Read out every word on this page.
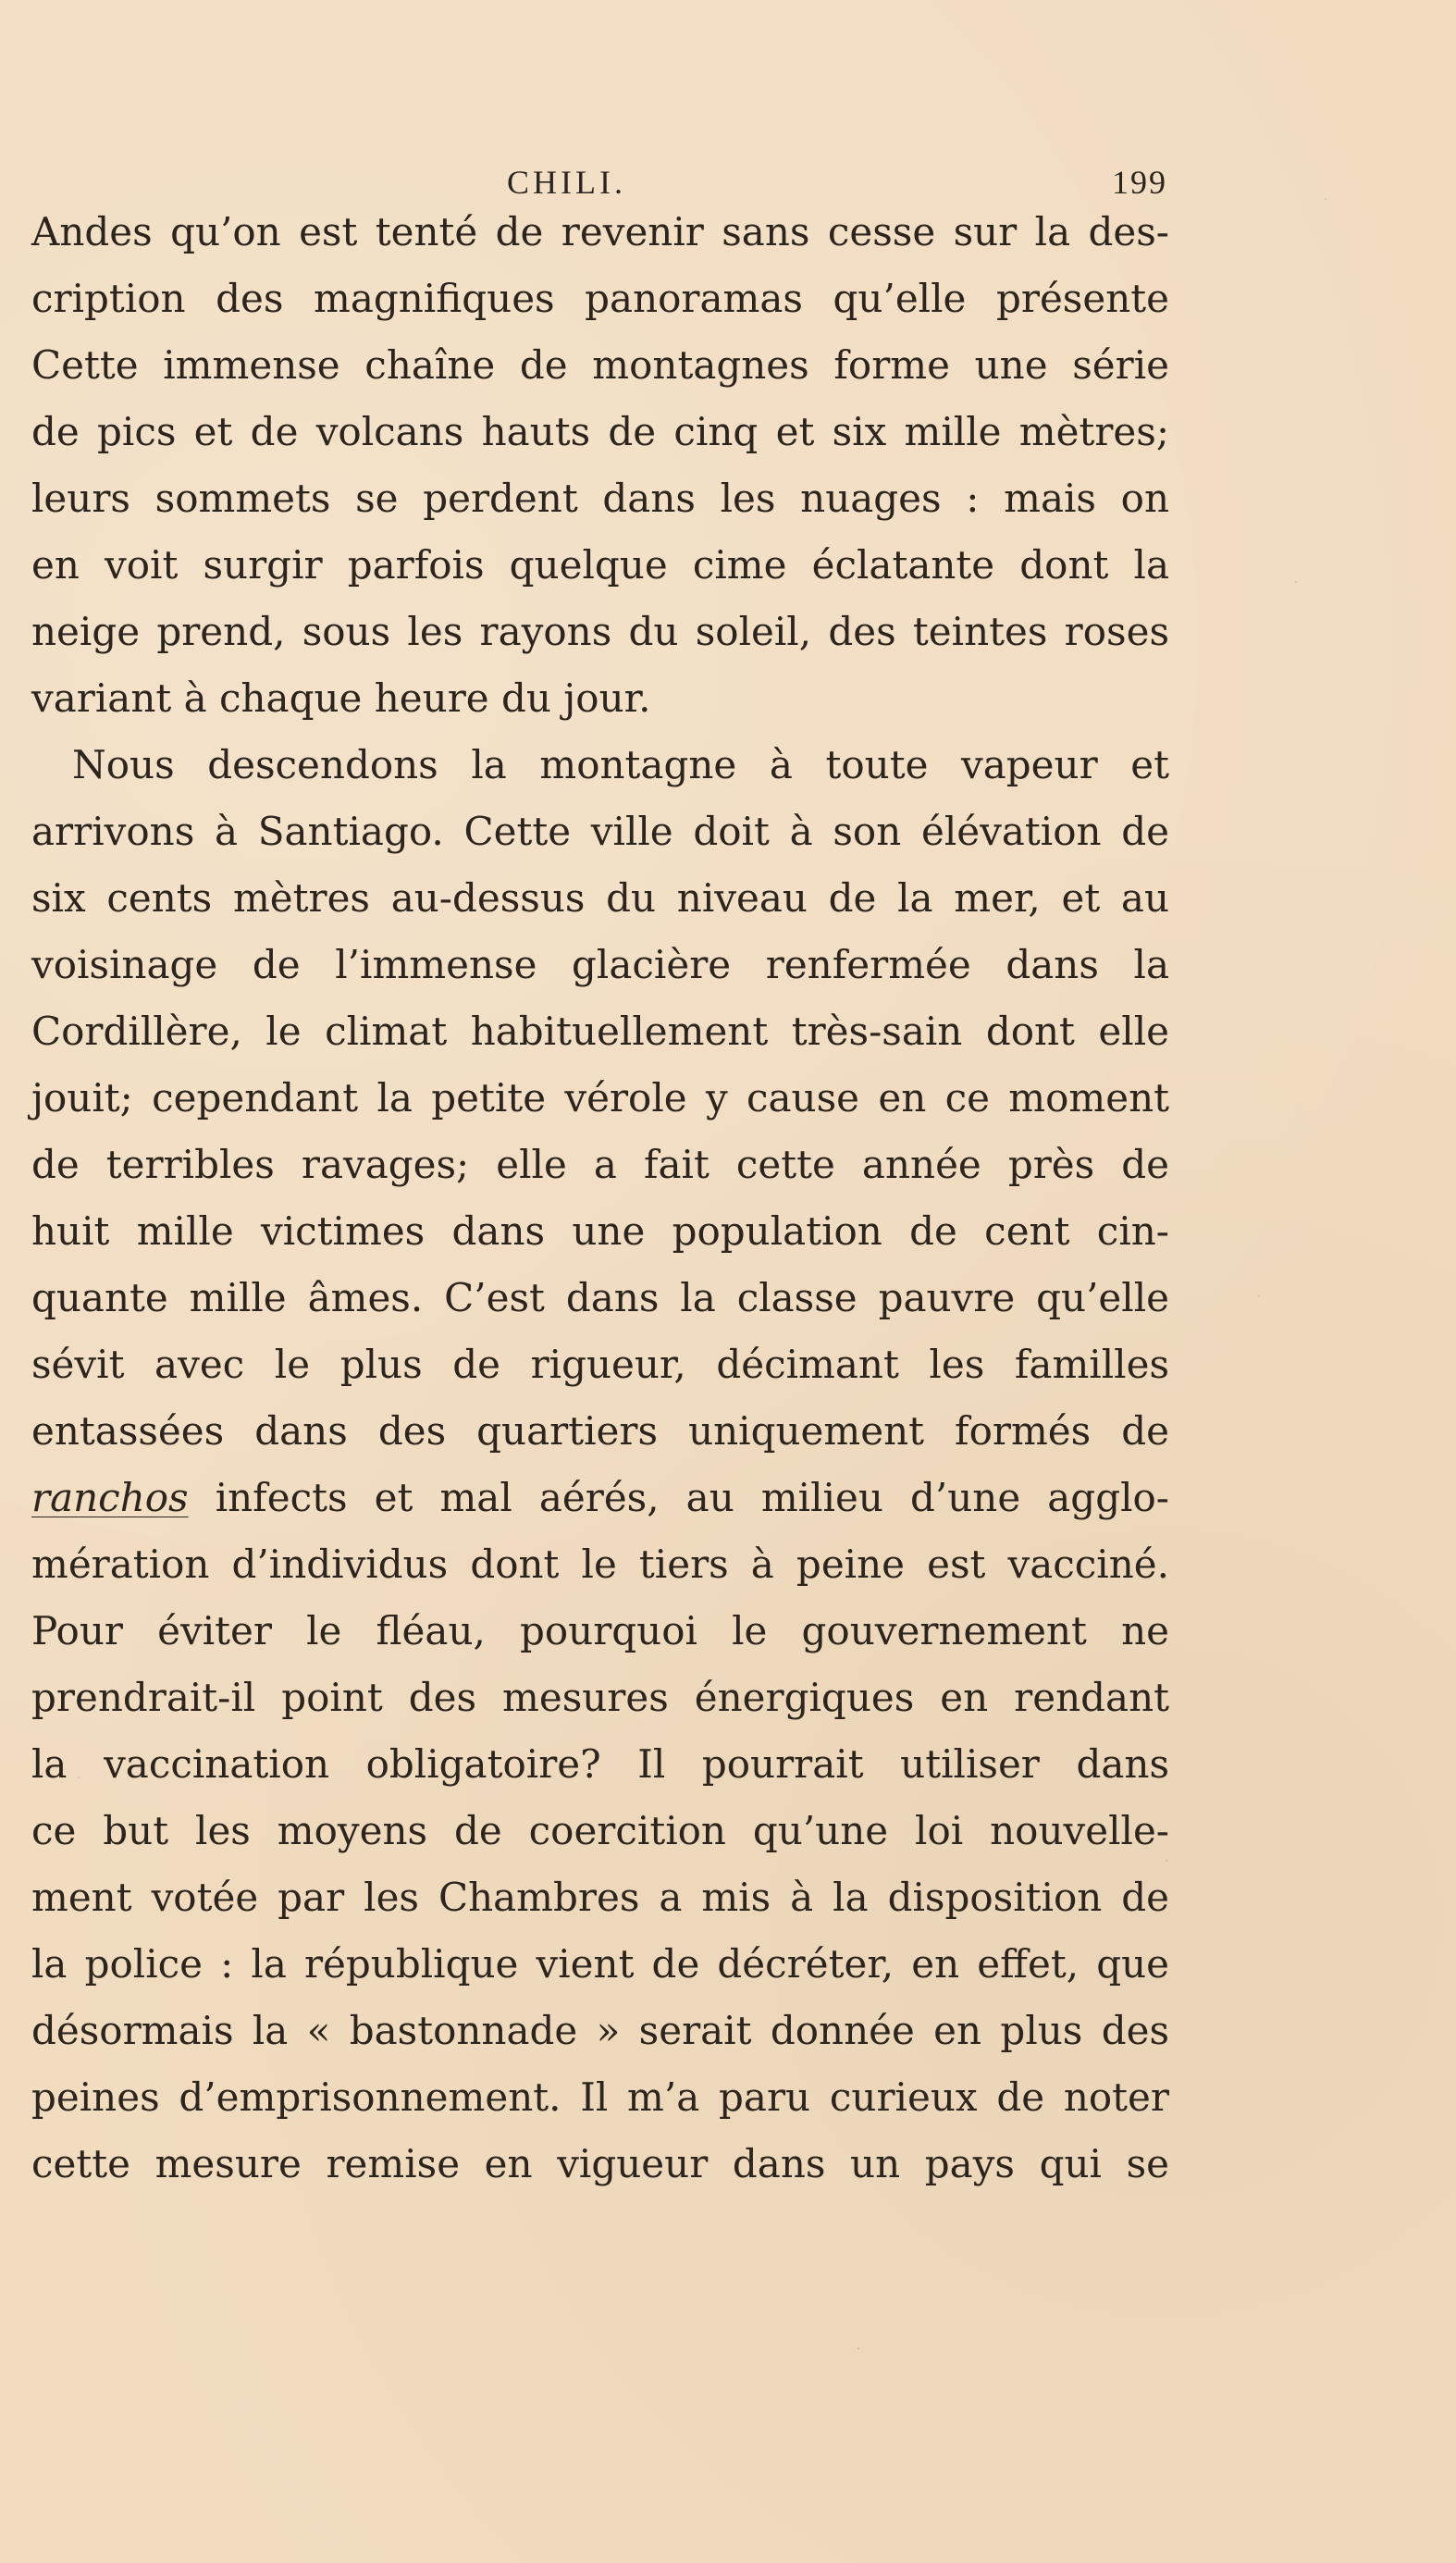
CHILI.	199
Andes qu’on est tenté de revenir sans cesse sur la des-
cription des magnifiques panoramas qu’elle présente
Cette immense chaîne de montagnes forme une série
de pics et de volcans hauts de cinq et six mille mètres;
leurs sommets se perdent dans les nuages : mais on
en voit surgir parfois quelque cime éclatante dont la
neige prend, sous les rayons du soleil, des teintes roses
variant à chaque heure du jour.
Nous descendons la montagne à toute vapeur et
arrivons à Santiago. Cette ville doit à son élévation de
six cents mètres au-dessus du niveau de la mer, et au
voisinage de l’immense glacière renfermée dans la
Cordillère, le climat habituellement très-sain dont elle
jouit; cependant la petite vérole y cause en ce moment
de terribles ravages; elle a fait cette année près de
huit mille victimes dans une population de cent cin-
quante mille âmes. C’est dans la classe pauvre qu’elle
sévit avec le plus de rigueur, décimant les familles
entassées dans des quartiers uniquement formés de
ranchos infects et mal aérés, au milieu d’une agglo-
mération d’individus dont le tiers à peine est vacciné.
Pour éviter le fléau, pourquoi le gouvernement ne
prendrait-il point des mesures énergiques en rendant
la vaccination obligatoire? Il pourrait utiliser dans
ce but les moyens de coercition qu’une loi nouvelle-
ment votée par les Chambres a mis à la disposition de
la police : la république vient de décréter, en effet, que
désormais la « bastonnade » serait donnée en plus des
peines d’emprisonnement. Il m’a paru curieux de noter
cette mesure remise en vigueur dans un pays qui se
